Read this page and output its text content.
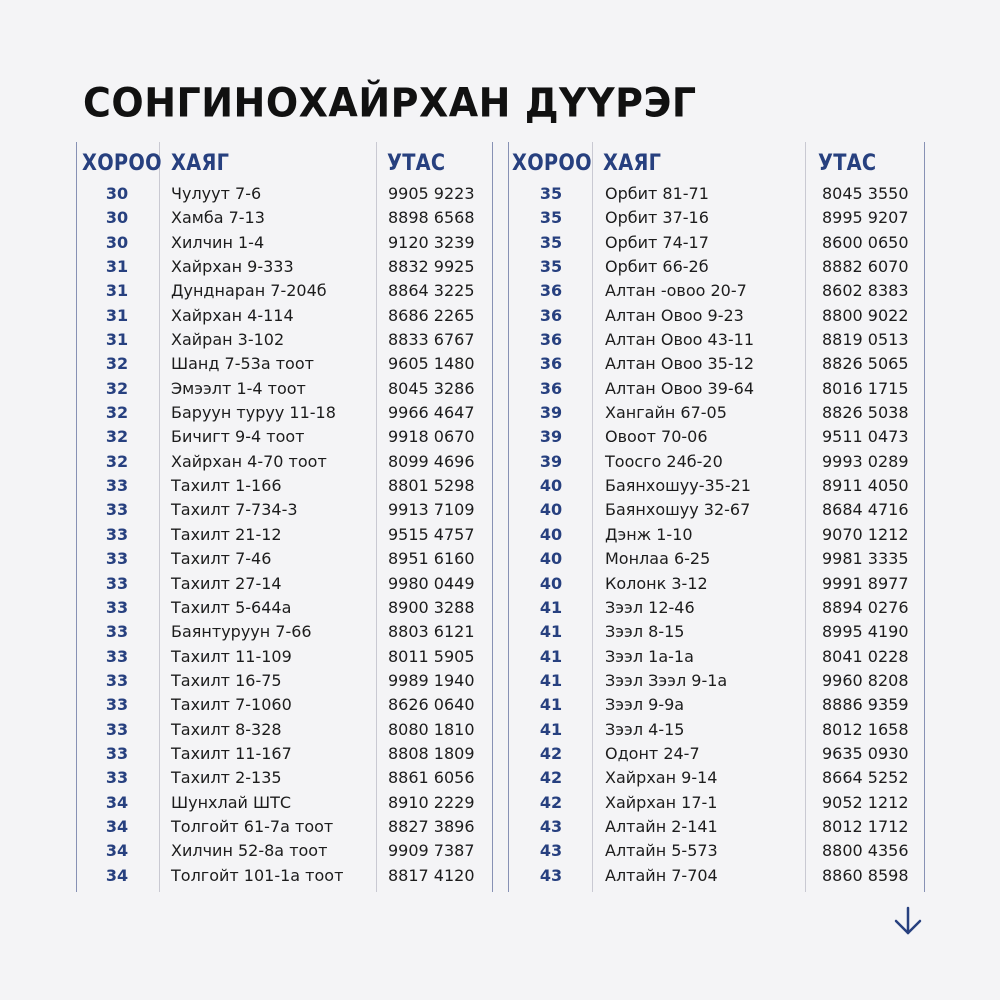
СОНГИНОХАЙРХАН ДҮҮРЭГ
ХОРОО ХАЯГ	УТАС	ХОРОО ХАЯГ	УТАС
30	Чулуут 7-6	9905 9223
30	Хамба 7-13	8898 6568
30	Хилчин 1-4	9120 3239
31	Хайрхан 9-333	8832 9925
31	Дунднаран 7-204б	8864 3225
31	Хайрхан 4-114	8686 2265
31	Хайран 3-102	8833 6767
32	Шанд 7-53а тоот	9605 1480
32	Эмээлт 1-4 тоот	8045 3286
32	Баруун туруу 11-18	9966 4647
32	Бичигт 9-4 тоот	9918 0670
32	Хайрхан 4-70 тоот	8099 4696
33	Тахилт 1-166	8801 5298
33	Тахилт 7-734-3	9913 7109
33	Тахилт 21-12	9515 4757
33	Тахилт 7-46	8951 6160
33	Тахилт 27-14	9980 0449
33	Тахилт 5-644а	8900 3288
33	Баянтуруун 7-66	8803 6121
33	Тахилт 11-109	8011 5905
33	Тахилт 16-75	9989 1940
33	Тахилт 7-1060	8626 0640
33	Тахилт 8-328	8080 1810
33	Тахилт 11-167	8808 1809
33	Тахилт 2-135	8861 6056
34	Шунхлай ШТС	8910 2229
34	Толгойт 61-7а тоот	8827 3896
34	Хилчин 52-8а тоот	9909 7387
34	Толгойт 101-1а тоот	8817 4120
35	Орбит 81-71	8045 3550
35	Орбит 37-16	8995 9207
35	Орбит 74-17	8600 0650
35	Орбит 66-2б	8882 6070
36	Алтан -овоо 20-7	8602 8383
36	Алтан Овоо 9-23	8800 9022
36	Алтан Овоо 43-11	8819 0513
36	Алтан Овоо 35-12	8826 5065
36	Алтан Овоо 39-64	8016 1715
39	Хангайн 67-05	8826 5038
39	Овоот 70-06	9511 0473
39	Тоосго 24б-20	9993 0289
40	Баянхошуу-35-21	8911 4050
40	Баянхошуу 32-67	8684 4716
40	Дэнж 1-10	9070 1212
40	Монлаа 6-25	9981 3335
40	Колонк 3-12	9991 8977
41	Зээл 12-46	8894 0276
41	Зээл 8-15	8995 4190
41	Зээл 1а-1а	8041 0228
41	Зээл Зээл 9-1а	9960 8208
41	Зээл 9-9а	8886 9359
41	Зээл 4-15	8012 1658
42	Одонт 24-7	9635 0930
42	Хайрхан 9-14	8664 5252
42	Хайрхан 17-1	9052 1212
43	Алтайн 2-141	8012 1712
43	Алтайн 5-573	8800 4356
43	Алтайн 7-704	8860 8598
